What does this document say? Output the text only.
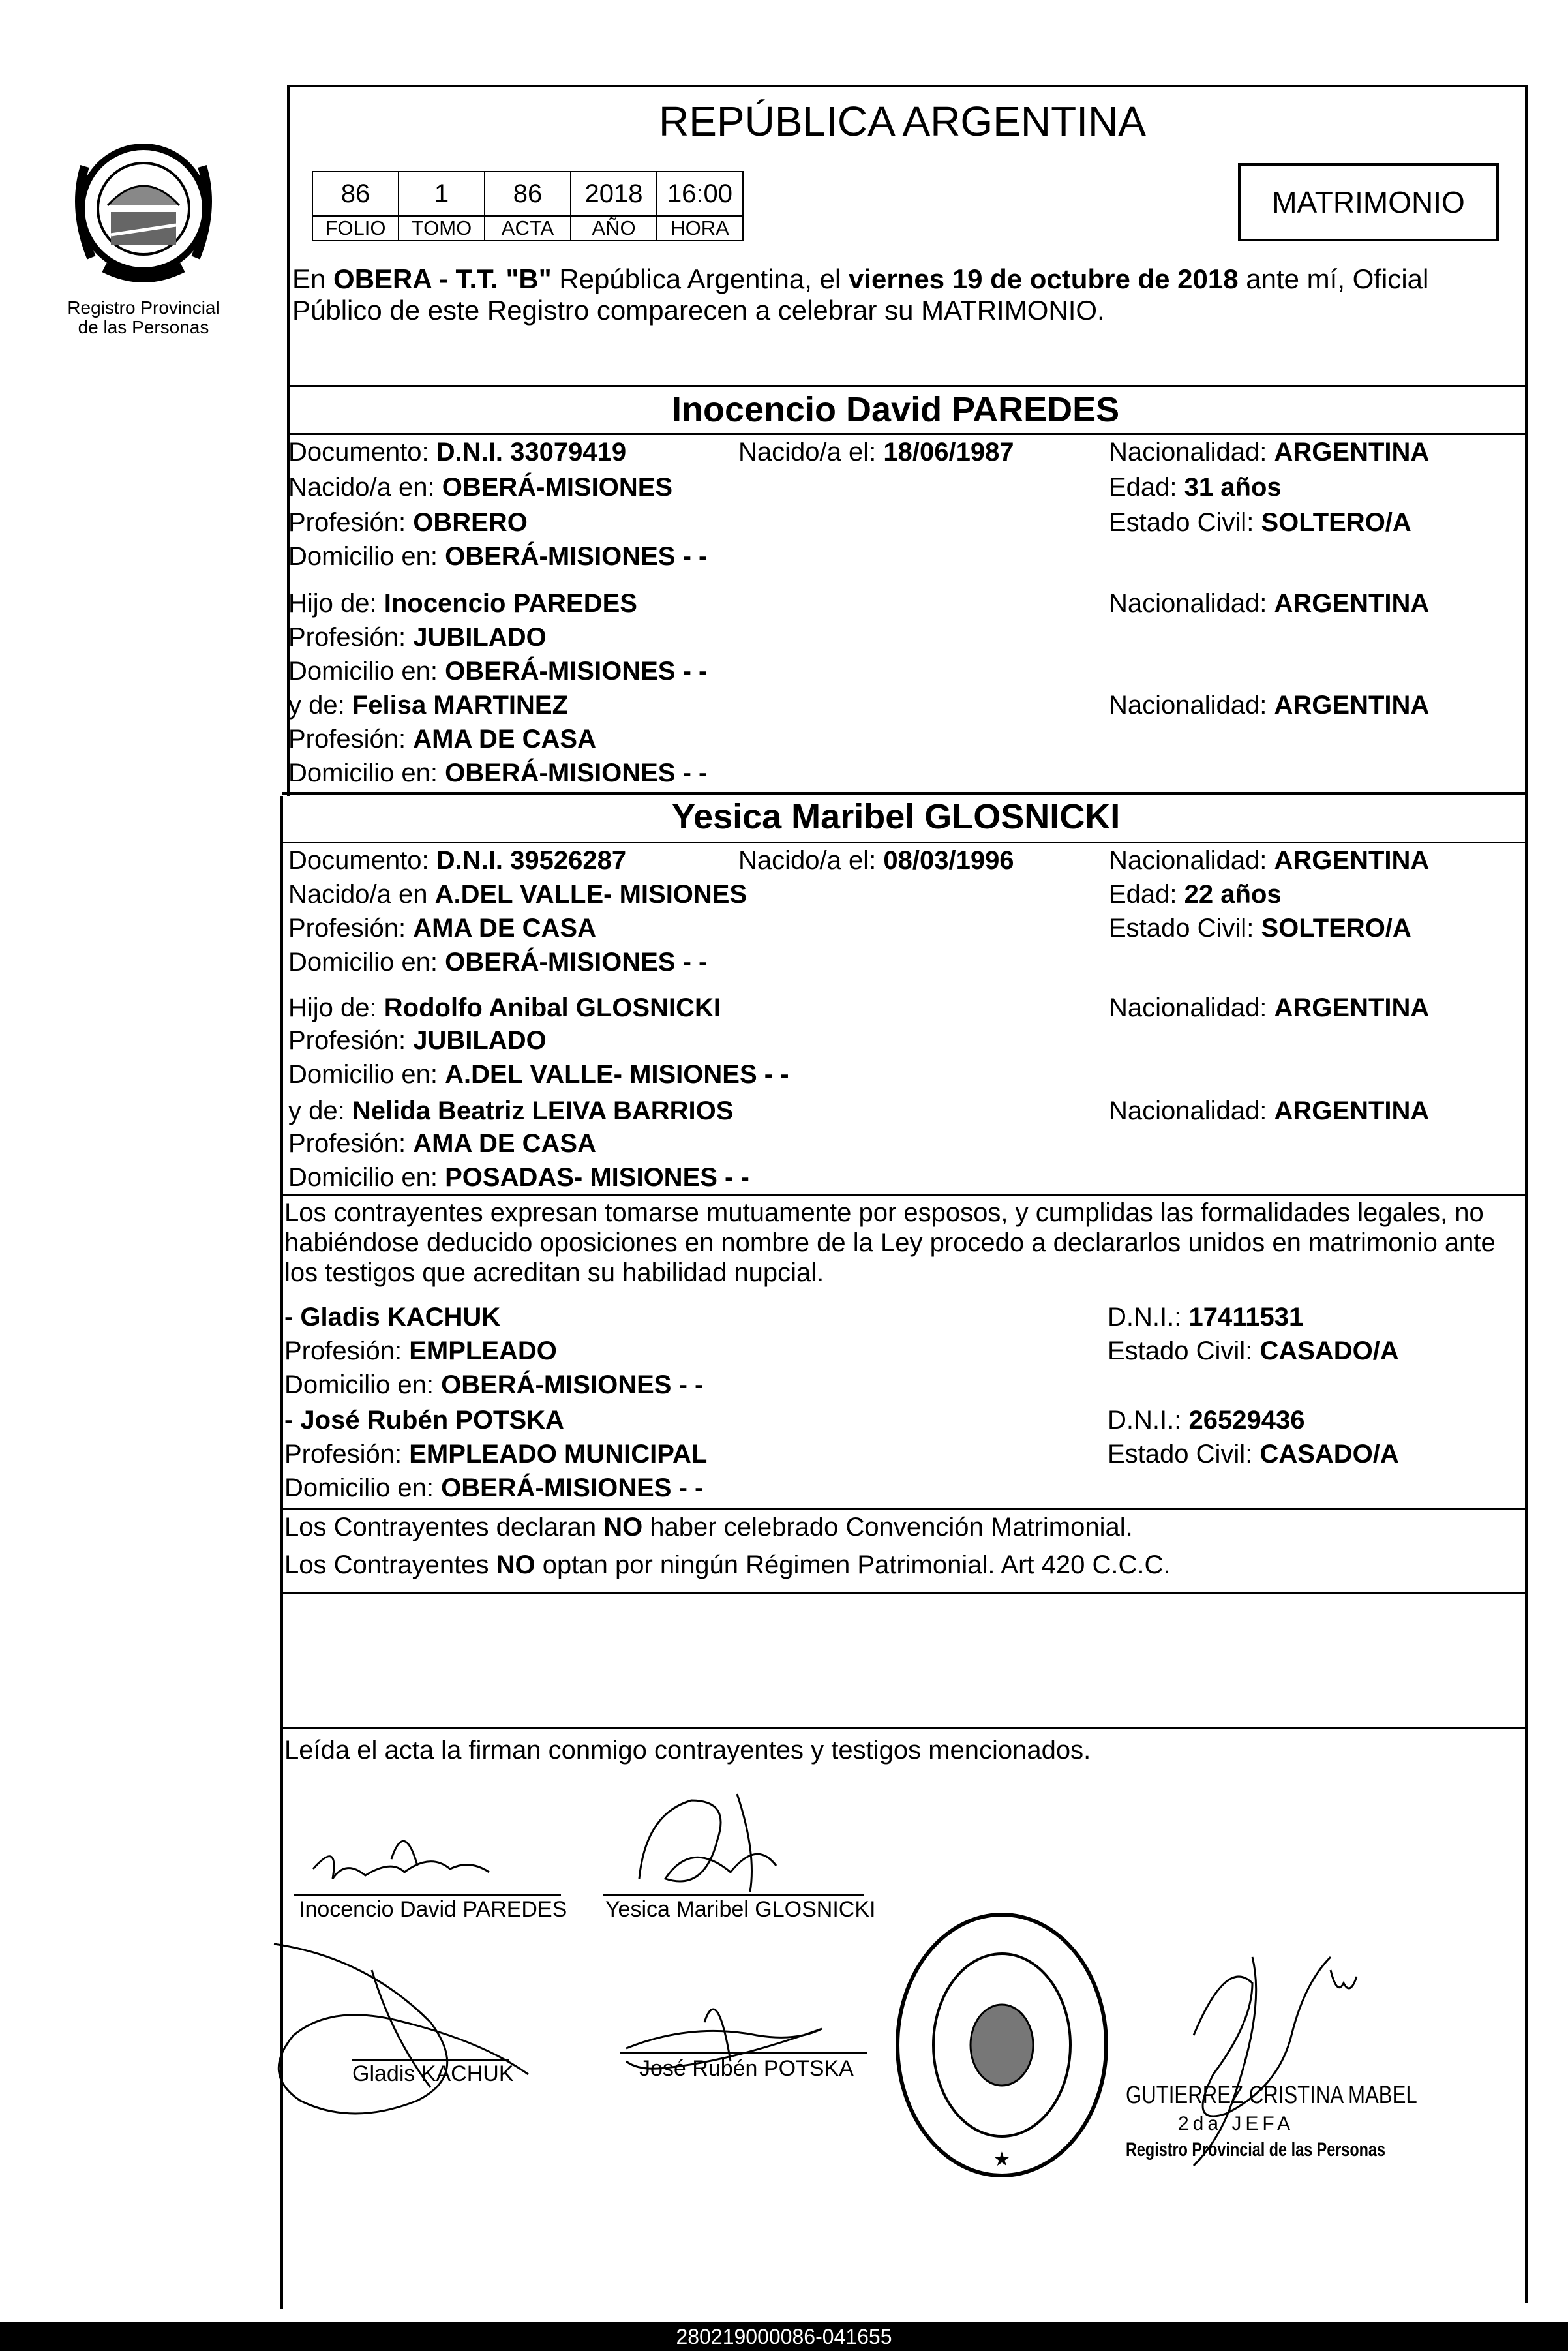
Registro Provincial
de las Personas
REPÚBLICA ARGENTINA
86	1	86	2018	16:00
FOLIO	TOMO	ACTA	AÑO	HORA
MATRIMONIO
En OBERA - T.T. "B" República Argentina, el viernes 19 de octubre de 2018 ante mí, Oficial
Público de este Registro comparecen a celebrar su MATRIMONIO.
Inocencio David PAREDES
Documento: D.N.I. 33079419	Nacido/a el: 18/06/1987	Nacionalidad: ARGENTINA
Nacido/a en: OBERÁ-MISIONES	Edad: 31 años
Profesión: OBRERO	Estado Civil: SOLTERO/A
Domicilio en: OBERÁ-MISIONES - -
Hijo de: Inocencio PAREDES	Nacionalidad: ARGENTINA
Profesión: JUBILADO
Domicilio en: OBERÁ-MISIONES - -
y de: Felisa MARTINEZ	Nacionalidad: ARGENTINA
Profesión: AMA DE CASA
Domicilio en: OBERÁ-MISIONES - -
Yesica Maribel GLOSNICKI
Documento: D.N.I. 39526287	Nacido/a el: 08/03/1996	Nacionalidad: ARGENTINA
Nacido/a en A.DEL VALLE- MISIONES	Edad: 22 años
Profesión: AMA DE CASA	Estado Civil: SOLTERO/A
Domicilio en: OBERÁ-MISIONES - -
Hijo de: Rodolfo Anibal GLOSNICKI	Nacionalidad: ARGENTINA
Profesión: JUBILADO
Domicilio en: A.DEL VALLE- MISIONES - -
y de: Nelida Beatriz LEIVA BARRIOS	Nacionalidad: ARGENTINA
Profesión: AMA DE CASA
Domicilio en: POSADAS- MISIONES - -
Los contrayentes expresan tomarse mutuamente por esposos, y cumplidas las formalidades legales, no
habiéndose deducido oposiciones en nombre de la Ley procedo a declararlos unidos en matrimonio ante
los testigos que acreditan su habilidad nupcial.
- Gladis KACHUK	D.N.I.: 17411531
Profesión: EMPLEADO	Estado Civil: CASADO/A
Domicilio en: OBERÁ-MISIONES - -
- José Rubén POTSKA	D.N.I.: 26529436
Profesión: EMPLEADO MUNICIPAL	Estado Civil: CASADO/A
Domicilio en: OBERÁ-MISIONES - -
Los Contrayentes declaran NO haber celebrado Convención Matrimonial.
Los Contrayentes NO optan por ningún Régimen Patrimonial. Art 420 C.C.C.
Leída el acta la firman conmigo contrayentes y testigos mencionados.
Inocencio David PAREDES Yesica Maribel GLOSNICKI
Gladis KACHUK	José Rubén POTSKA
★
GUTIERREZ CRISTINA MABEL
2da JEFA
Registro Provincial de las Personas
280219000086-041655
